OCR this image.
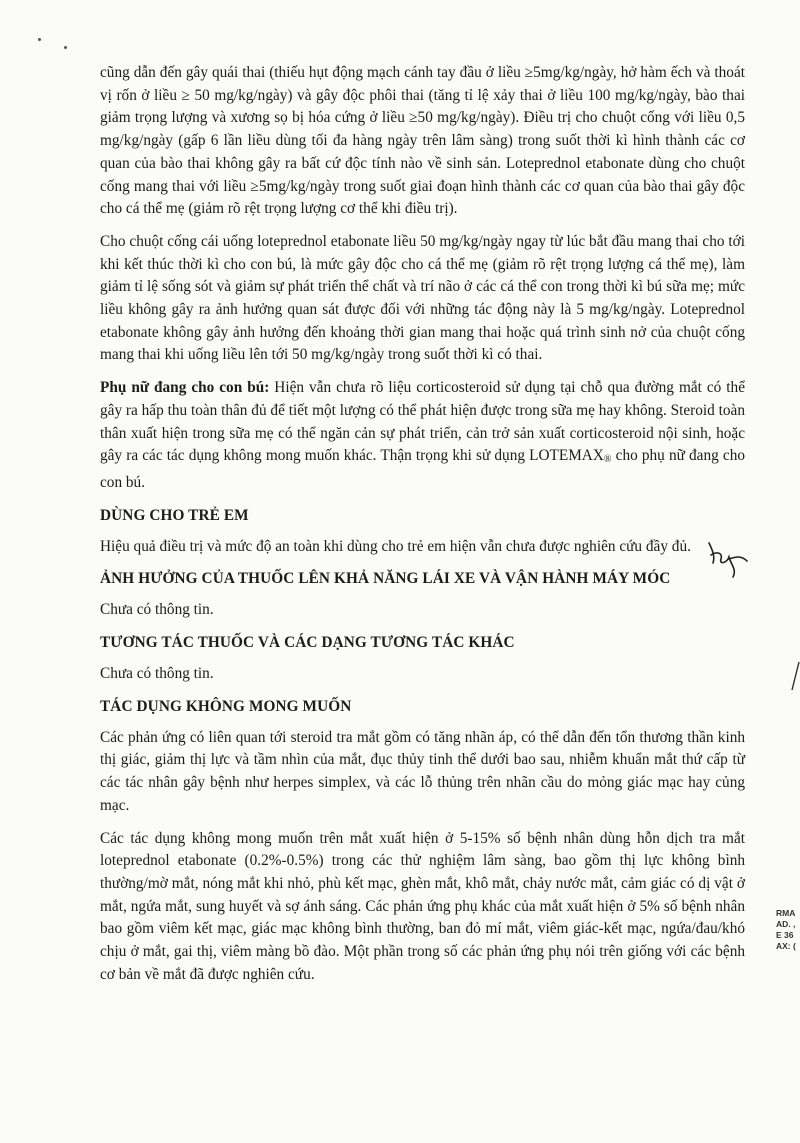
cũng dẫn đến gây quái thai (thiếu hụt động mạch cánh tay đầu ở liều ≥5mg/kg/ngày, hở hàm ếch và thoát vị rốn ở liều ≥ 50 mg/kg/ngày) và gây độc phôi thai (tăng tỉ lệ xảy thai ở liều 100 mg/kg/ngày, bào thai giảm trọng lượng và xương sọ bị hóa cứng ở liều ≥50 mg/kg/ngày). Điều trị cho chuột cống với liều 0,5 mg/kg/ngày (gấp 6 lần liều dùng tối đa hàng ngày trên lâm sàng) trong suốt thời kì hình thành các cơ quan của bào thai không gây ra bất cứ độc tính nào về sinh sản. Loteprednol etabonate dùng cho chuột cống mang thai với liều ≥5mg/kg/ngày trong suốt giai đoạn hình thành các cơ quan của bào thai gây độc cho cá thể mẹ (giảm rõ rệt trọng lượng cơ thể khi điều trị).

Cho chuột cống cái uống loteprednol etabonate liều 50 mg/kg/ngày ngay từ lúc bắt đầu mang thai cho tới khi kết thúc thời kì cho con bú, là mức gây độc cho cá thể mẹ (giảm rõ rệt trọng lượng cá thể mẹ), làm giảm tỉ lệ sống sót và giảm sự phát triển thể chất và trí não ở các cá thể con trong thời kì bú sữa mẹ; mức liều không gây ra ảnh hưởng quan sát được đối với những tác động này là 5 mg/kg/ngày. Loteprednol etabonate không gây ảnh hưởng đến khoảng thời gian mang thai hoặc quá trình sinh nở của chuột cống mang thai khi uống liều lên tới 50 mg/kg/ngày trong suốt thời kì có thai.

Phụ nữ đang cho con bú: Hiện vẫn chưa rõ liệu corticosteroid sử dụng tại chỗ qua đường mắt có thể gây ra hấp thu toàn thân đủ để tiết một lượng có thể phát hiện được trong sữa mẹ hay không. Steroid toàn thân xuất hiện trong sữa mẹ có thể ngăn cản sự phát triển, cản trở sản xuất corticosteroid nội sinh, hoặc gây ra các tác dụng không mong muốn khác. Thận trọng khi sử dụng LOTEMAX® cho phụ nữ đang cho con bú.

DÙNG CHO TRẺ EM

Hiệu quả điều trị và mức độ an toàn khi dùng cho trẻ em hiện vẫn chưa được nghiên cứu đầy đủ.

ẢNH HƯỞNG CỦA THUỐC LÊN KHẢ NĂNG LÁI XE VÀ VẬN HÀNH MÁY MÓC

Chưa có thông tin.

TƯƠNG TÁC THUỐC VÀ CÁC DẠNG TƯƠNG TÁC KHÁC

Chưa có thông tin.

TÁC DỤNG KHÔNG MONG MUỐN

Các phản ứng có liên quan tới steroid tra mắt gồm có tăng nhãn áp, có thể dẫn đến tổn thương thần kinh thị giác, giảm thị lực và tầm nhìn của mắt, đục thủy tinh thể dưới bao sau, nhiễm khuẩn mắt thứ cấp từ các tác nhân gây bệnh như herpes simplex, và các lỗ thủng trên nhãn cầu do mỏng giác mạc hay củng mạc.

Các tác dụng không mong muốn trên mắt xuất hiện ở 5-15% số bệnh nhân dùng hỗn dịch tra mắt loteprednol etabonate (0.2%-0.5%) trong các thử nghiệm lâm sàng, bao gồm thị lực không bình thường/mờ mắt, nóng mắt khi nhỏ, phù kết mạc, ghèn mắt, khô mắt, chảy nước mắt, cảm giác có dị vật ở mắt, ngứa mắt, sung huyết và sợ ánh sáng. Các phản ứng phụ khác của mắt xuất hiện ở 5% số bệnh nhân bao gồm viêm kết mạc, giác mạc không bình thường, ban đỏ mí mắt, viêm giác-kết mạc, ngứa/đau/khó chịu ở mắt, gai thị, viêm màng bồ đào. Một phần trong số các phản ứng phụ nói trên giống với các bệnh cơ bản về mắt đã được nghiên cứu.

RMA
AD. ,
E 36
AX: (
